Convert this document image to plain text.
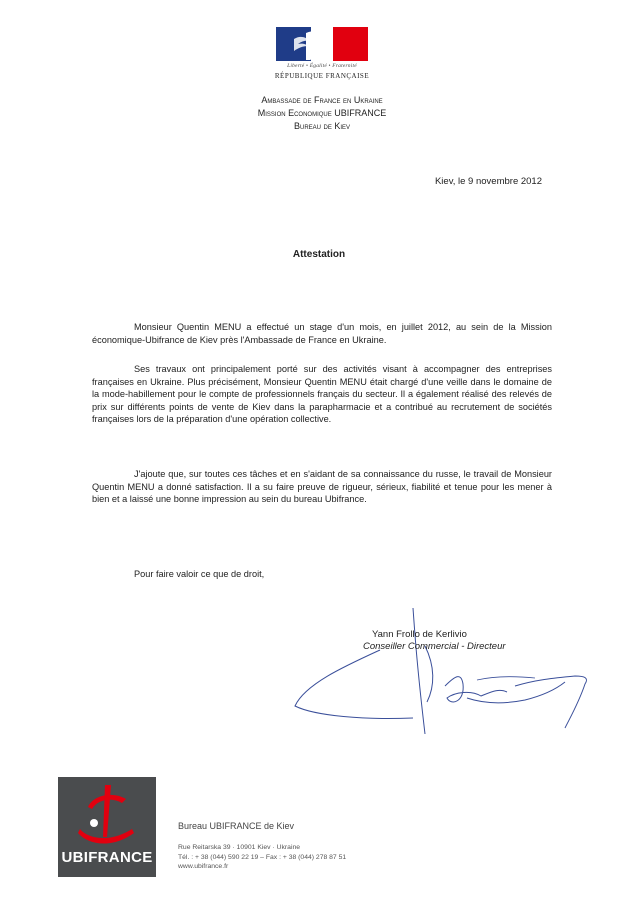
Liberté • Égalité • Fraternité
RÉPUBLIQUE FRANÇAISE
Ambassade de France en Ukraine
Mission Economique UBIFRANCE
Bureau de Kiev
Kiev, le 9 novembre 2012
Attestation

Monsieur Quentin MENU a effectué un stage d'un mois, en juillet 2012, au sein de la Mission économique-Ubifrance de Kiev près l'Ambassade de France en Ukraine.

Ses travaux ont principalement porté sur des activités visant à accompagner des entreprises françaises en Ukraine. Plus précisément, Monsieur Quentin MENU était chargé d'une veille dans le domaine de la mode-habillement pour le compte de professionnels français du secteur. Il a également réalisé des relevés de prix sur différents points de vente de Kiev dans la parapharmacie et a contribué au recrutement de sociétés françaises lors de la préparation d'une opération collective.

J'ajoute que, sur toutes ces tâches et en s'aidant de sa connaissance du russe, le travail de Monsieur Quentin MENU a donné satisfaction. Il a su faire preuve de rigueur, sérieux, fiabilité et tenue pour les mener à bien et a laissé une bonne impression au sein du bureau Ubifrance.

Pour faire valoir ce que de droit,
Yann Frollo de Kerlivio
Conseiller Commercial - Directeur
UBIFRANCE
Bureau UBIFRANCE de Kiev
Rue Reitarska 39 · 10901 Kiev · Ukraine
Tél. : + 38 (044) 590 22 19 – Fax : + 38 (044) 278 87 51
www.ubifrance.fr
